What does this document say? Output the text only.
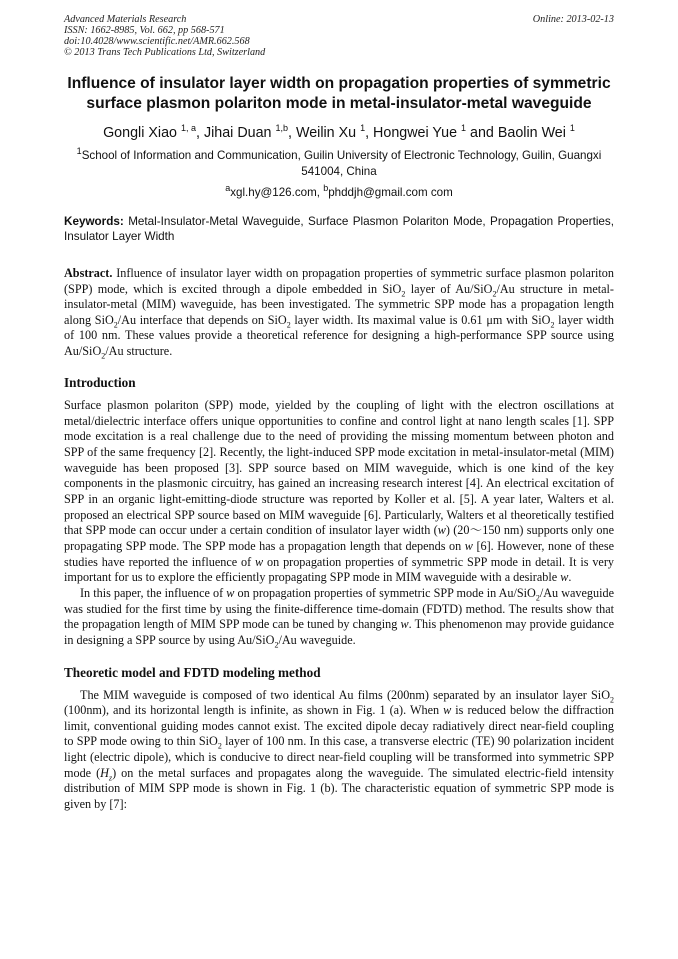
Advanced Materials Research
ISSN: 1662-8985, Vol. 662, pp 568-571
doi:10.4028/www.scientific.net/AMR.662.568
© 2013 Trans Tech Publications Ltd, Switzerland
Online: 2013-02-13
Influence of insulator layer width on propagation properties of symmetric surface plasmon polariton mode in metal-insulator-metal waveguide
Gongli Xiao $^{1, a}$, Jihai Duan $^{1,b}$, Weilin Xu $^1$, Hongwei Yue $^1$ and Baolin Wei $^1$
$^1$School of Information and Communication, Guilin University of Electronic Technology, Guilin, Guangxi 541004, China
$^a$xgl.hy@126.com, $^b$phddjh@gmail.com com
Keywords: Metal-Insulator-Metal Waveguide, Surface Plasmon Polariton Mode, Propagation Properties, Insulator Layer Width
Abstract. Influence of insulator layer width on propagation properties of symmetric surface plasmon polariton (SPP) mode, which is excited through a dipole embedded in SiO$_2$ layer of Au/SiO$_2$/Au structure in metal-insulator-metal (MIM) waveguide, has been investigated. The symmetric SPP mode has a propagation length along SiO$_2$/Au interface that depends on SiO$_2$ layer width. Its maximal value is 0.61 μm with SiO$_2$ layer width of 100 nm. These values provide a theoretical reference for designing a high-performance SPP source using Au/SiO$_2$/Au structure.
Introduction

Surface plasmon polariton (SPP) mode, yielded by the coupling of light with the electron oscillations at metal/dielectric interface offers unique opportunities to confine and control light at nano length scales [1]. SPP mode excitation is a real challenge due to the need of providing the missing momentum between photon and SPP of the same frequency [2]. Recently, the light-induced SPP mode excitation in metal-insulator-metal (MIM) waveguide has been proposed [3]. SPP source based on MIM waveguide, which is one kind of the key components in the plasmonic circuitry, has gained an increasing research interest [4]. An electrical excitation of SPP in an organic light-emitting-diode structure was reported by Koller et al. [5]. A year later, Walters et al. proposed an electrical SPP source based on MIM waveguide [6]. Particularly, Walters et al theoretically testified that SPP mode can occur under a certain condition of insulator layer width (w) (20～150 nm) supports only one propagating SPP mode. The SPP mode has a propagation length that depends on w [6]. However, none of these studies have reported the influence of w on propagation properties of symmetric SPP mode in detail. It is very important for us to explore the efficiently propagating SPP mode in MIM waveguide with a desirable w.

In this paper, the influence of w on propagation properties of symmetric SPP mode in Au/SiO$_2$/Au waveguide was studied for the first time by using the finite-difference time-domain (FDTD) method. The results show that the propagation length of MIM SPP mode can be tuned by changing w. This phenomenon may provide guidance in designing a SPP source by using Au/SiO$_2$/Au waveguide.

Theoretic model and FDTD modeling method

The MIM waveguide is composed of two identical Au films (200nm) separated by an insulator layer SiO$_2$ (100nm), and its horizontal length is infinite, as shown in Fig. 1 (a). When w is reduced below the diffraction limit, conventional guiding modes cannot exist. The excited dipole decay radiatively direct near-field coupling to SPP mode owing to thin SiO$_2$ layer of 100 nm. In this case, a transverse electric (TE) 90 polarization incident light (electric dipole), which is conducive to direct near-field coupling will be transformed into symmetric SPP mode $(H_z)$ on the metal surfaces and propagates along the waveguide. The simulated electric-field intensity distribution of MIM SPP mode is shown in Fig. 1 (b). The characteristic equation of symmetric SPP mode is given by [7]:
